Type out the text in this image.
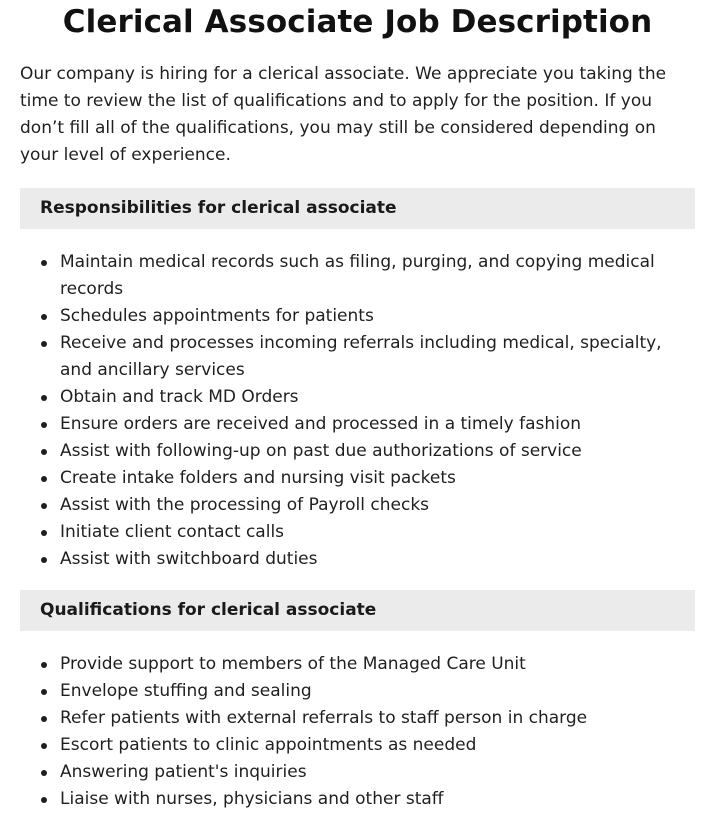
Clerical Associate Job Description

Our company is hiring for a clerical associate. We appreciate you taking the time to review the list of qualifications and to apply for the position. If you don’t fill all of the qualifications, you may still be considered depending on your level of experience.

Responsibilities for clerical associate
Maintain medical records such as filing, purging, and copying medical records
Schedules appointments for patients
Receive and processes incoming referrals including medical, specialty, and ancillary services
Obtain and track MD Orders
Ensure orders are received and processed in a timely fashion
Assist with following-up on past due authorizations of service
Create intake folders and nursing visit packets
Assist with the processing of Payroll checks
Initiate client contact calls
Assist with switchboard duties
Qualifications for clerical associate
Provide support to members of the Managed Care Unit
Envelope stuffing and sealing
Refer patients with external referrals to staff person in charge
Escort patients to clinic appointments as needed
Answering patient's inquiries
Liaise with nurses, physicians and other staff
